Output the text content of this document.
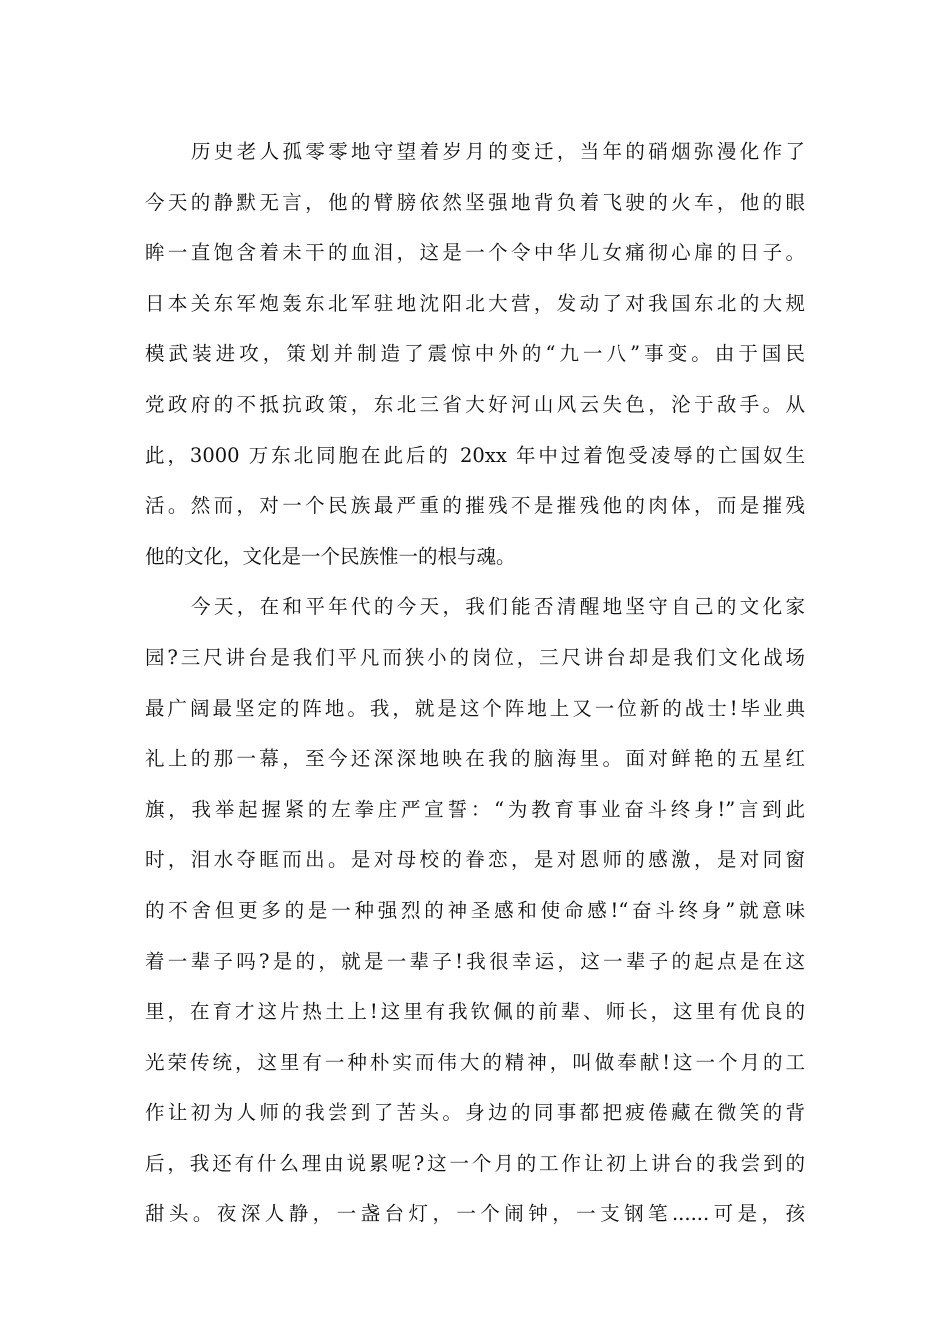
历史老人孤零零地守望着岁月的变迁，当年的硝烟弥漫化作了
今天的静默无言，他的臂膀依然坚强地背负着飞驶的火车，他的眼
眸一直饱含着未干的血泪，这是一个令中华儿女痛彻心扉的日子。
日本关东军炮轰东北军驻地沈阳北大营，发动了对我国东北的大规
模武装进攻，策划并制造了震惊中外的“九一八”事变。由于国民
党政府的不抵抗政策，东北三省大好河山风云失色，沦于敌手。从
此，3000 万东北同胞在此后的 20xx 年中过着饱受凌辱的亡国奴生
活。然而，对一个民族最严重的摧残不是摧残他的肉体，而是摧残
他的文化，文化是一个民族惟一的根与魂。
今天，在和平年代的今天，我们能否清醒地坚守自己的文化家
园?三尺讲台是我们平凡而狭小的岗位，三尺讲台却是我们文化战场
最广阔最坚定的阵地。我，就是这个阵地上又一位新的战士!毕业典
礼上的那一幕，至今还深深地映在我的脑海里。面对鲜艳的五星红
旗，我举起握紧的左拳庄严宣誓：“为教育事业奋斗终身!”言到此
时，泪水夺眶而出。是对母校的眷恋，是对恩师的感激，是对同窗
的不舍但更多的是一种强烈的神圣感和使命感!“奋斗终身”就意味
着一辈子吗?是的，就是一辈子!我很幸运，这一辈子的起点是在这
里，在育才这片热土上!这里有我钦佩的前辈、师长，这里有优良的
光荣传统，这里有一种朴实而伟大的精神，叫做奉献!这一个月的工
作让初为人师的我尝到了苦头。身边的同事都把疲倦藏在微笑的背
后，我还有什么理由说累呢?这一个月的工作让初上讲台的我尝到的
甜头。夜深人静，一盏台灯，一个闹钟，一支钢笔......可是，孩
